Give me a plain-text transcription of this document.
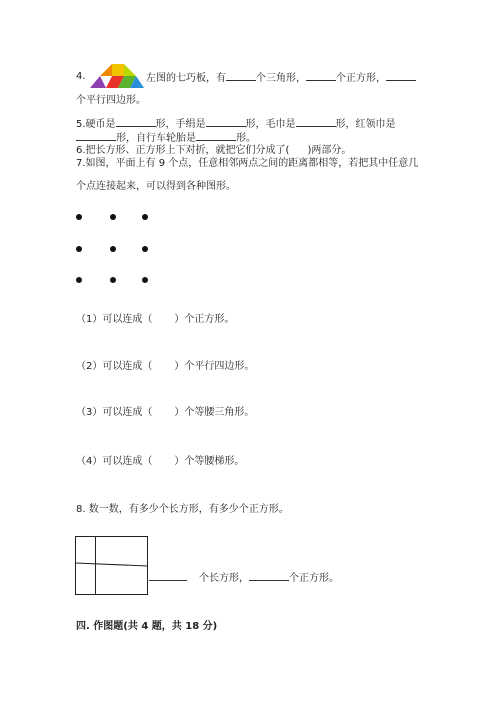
4.	左图的七巧板，有	个三角形，	个正方形，
个平行四边形。
5.硬币是	形，手绢是	形，毛巾是	形，红领巾是
形，自行车轮胎是	形。
6.把长方形、正方形上下对折，就把它们分成了( )两部分。
7.如图，平面上有 9 个点，任意相邻两点之间的距离都相等，若把其中任意几
个点连接起来，可以得到各种图形。
（1）可以连成（ ）个正方形。
（2）可以连成（ ）个平行四边形。
（3）可以连成（ ）个等腰三角形。
（4）可以连成（ ）个等腰梯形。
8. 数一数，有多少个长方形，有多少个正方形。
个长方形，	个正方形。
四. 作图题(共 4 题，共 18 分)
